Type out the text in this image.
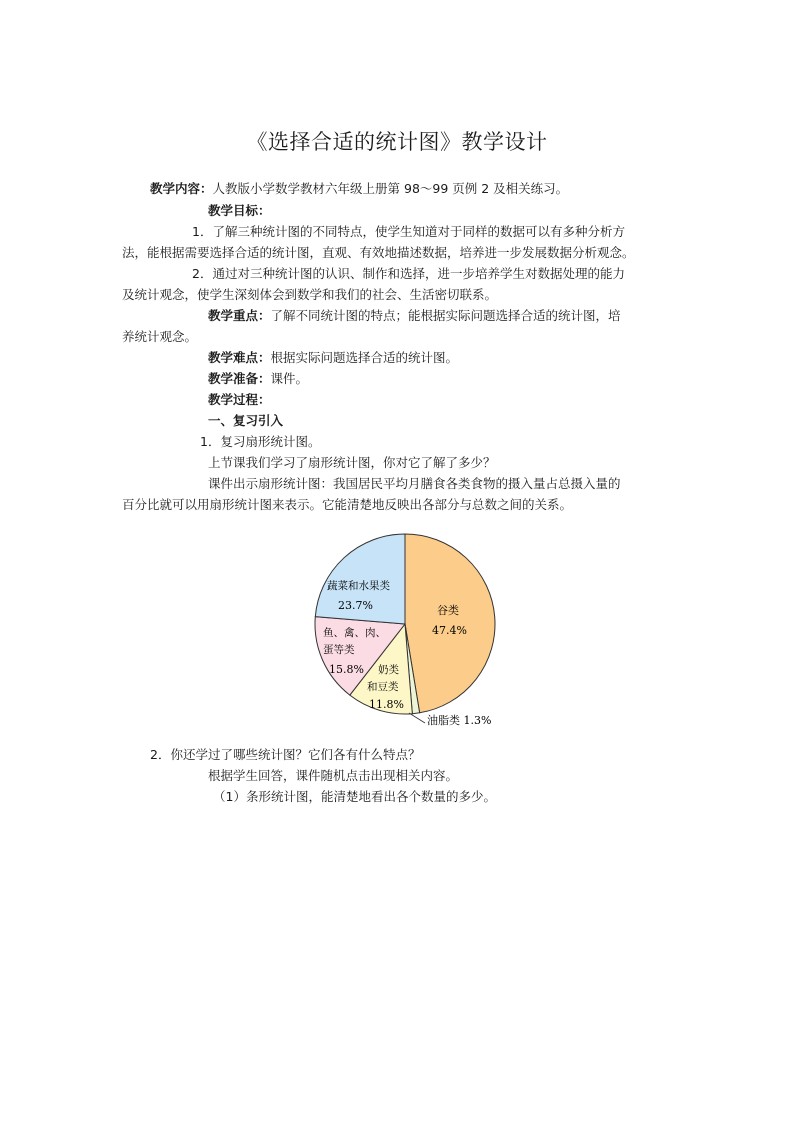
《选择合适的统计图》教学设计
教学内容：人教版小学数学教材六年级上册第 98～99 页例 2 及相关练习。
教学目标：
1．了解三种统计图的不同特点，使学生知道对于同样的数据可以有多种分析方
法，能根据需要选择合适的统计图，直观、有效地描述数据，培养进一步发展数据分析观念。
2．通过对三种统计图的认识、制作和选择，进一步培养学生对数据处理的能力
及统计观念，使学生深刻体会到数学和我们的社会、生活密切联系。
教学重点：了解不同统计图的特点；能根据实际问题选择合适的统计图，培
养统计观念。
教学难点：根据实际问题选择合适的统计图。
教学准备：课件。
教学过程：
一、复习引入
1．复习扇形统计图。
上节课我们学习了扇形统计图，你对它了解了多少？
课件出示扇形统计图：我国居民平均月膳食各类食物的摄入量占总摄入量的
百分比就可以用扇形统计图来表示。它能清楚地反映出各部分与总数之间的关系。
谷类
47.4%
蔬菜和水果类
23.7%
鱼、禽、肉、
蛋等类
15.8% 奶类
和豆类
11.8%
油脂类 1.3%
2．你还学过了哪些统计图？它们各有什么特点？
根据学生回答，课件随机点击出现相关内容。
（1）条形统计图，能清楚地看出各个数量的多少。
